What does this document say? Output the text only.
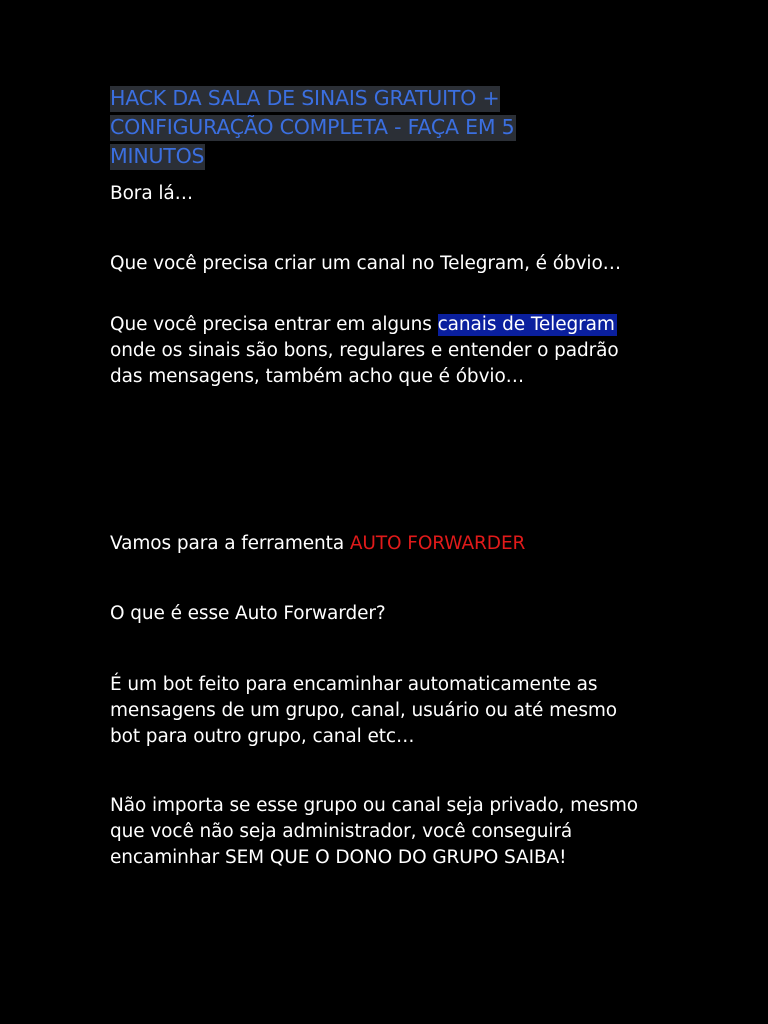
HACK DA SALA DE SINAIS GRATUITO +
CONFIGURAÇÃO COMPLETA - FAÇA EM 5
MINUTOS

Bora lá…

Que você precisa criar um canal no Telegram, é óbvio…

Que você precisa entrar em alguns canais de Telegram onde os sinais são bons, regulares e entender o padrão das mensagens, também acho que é óbvio…

Vamos para a ferramenta AUTO FORWARDER

O que é esse Auto Forwarder?

É um bot feito para encaminhar automaticamente as mensagens de um grupo, canal, usuário ou até mesmo bot para outro grupo, canal etc…

Não importa se esse grupo ou canal seja privado, mesmo que você não seja administrador, você conseguirá encaminhar SEM QUE O DONO DO GRUPO SAIBA!
